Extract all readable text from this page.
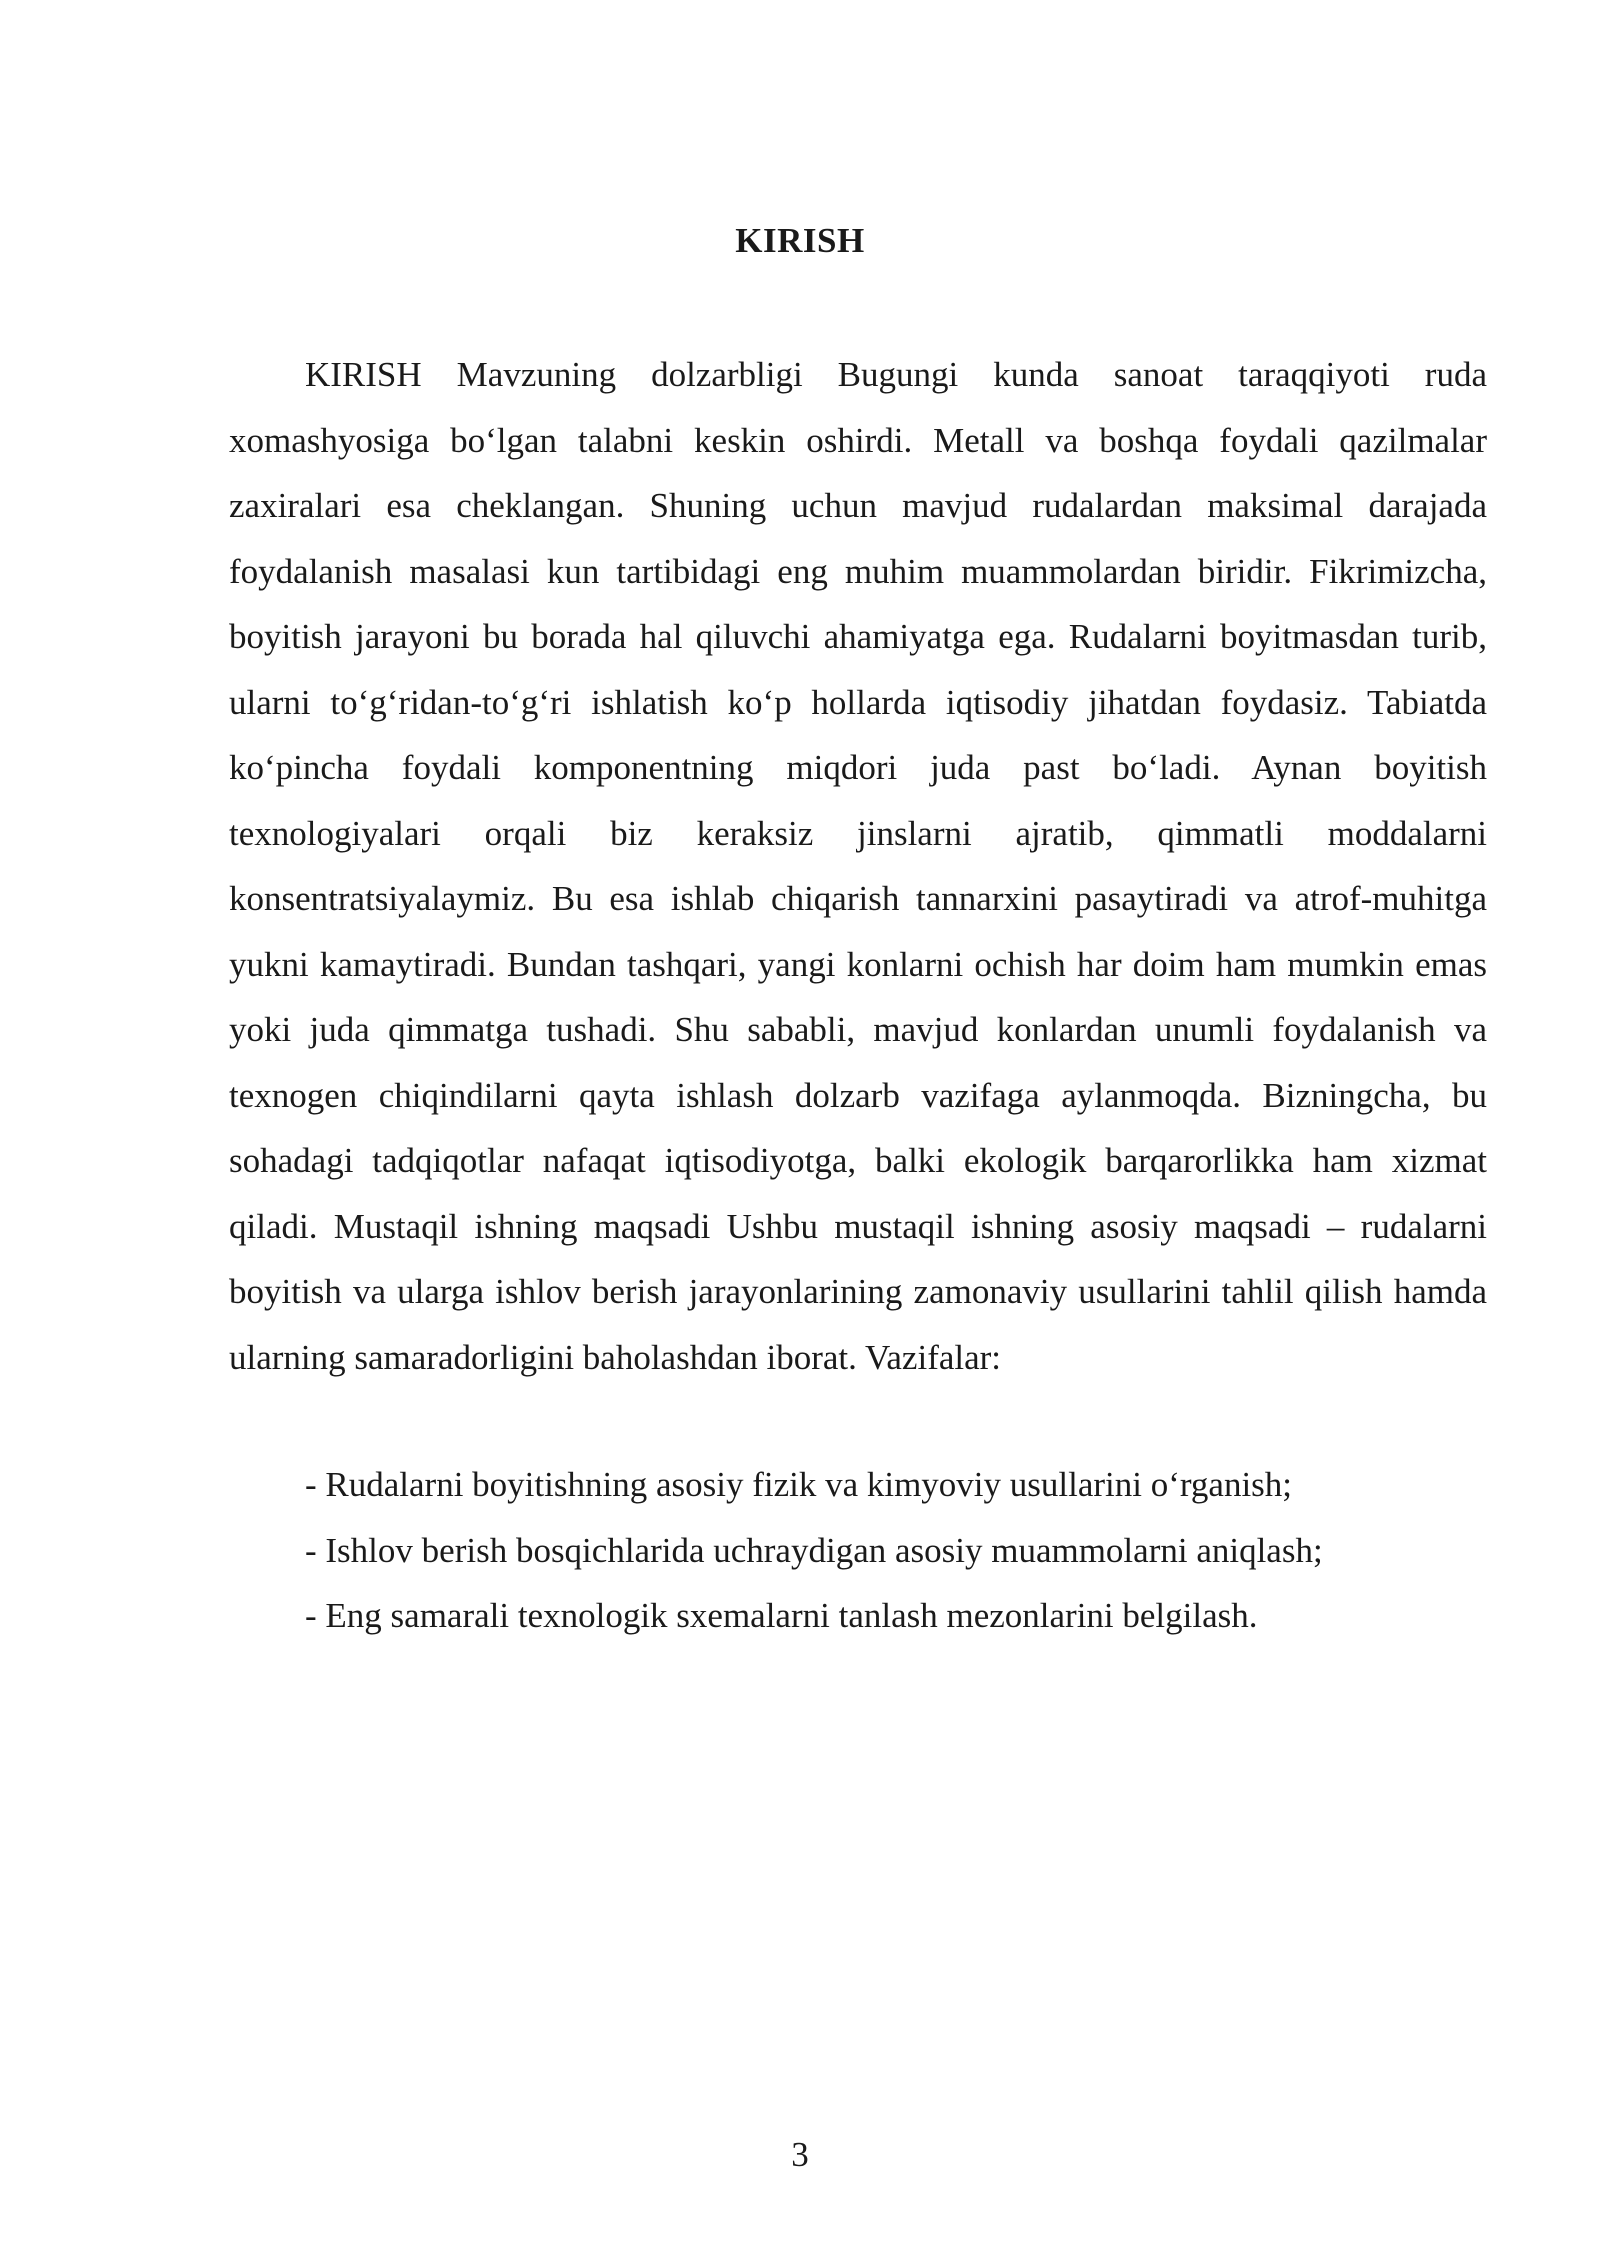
KIRISH

KIRISH Mavzuning dolzarbligi Bugungi kunda sanoat taraqqiyoti ruda xomashyosiga bo‘lgan talabni keskin oshirdi. Metall va boshqa foydali qazilmalar zaxiralari esa cheklangan. Shuning uchun mavjud rudalardan maksimal darajada foydalanish masalasi kun tartibidagi eng muhim muammolardan biridir. Fikrimizcha, boyitish jarayoni bu borada hal qiluvchi ahamiyatga ega. Rudalarni boyitmasdan turib, ularni to‘g‘ridan-to‘g‘ri ishlatish ko‘p hollarda iqtisodiy jihatdan foydasiz. Tabiatda ko‘pincha foydali komponentning miqdori juda past bo‘ladi. Aynan boyitish texnologiyalari orqali biz keraksiz jinslarni ajratib, qimmatli moddalarni konsentratsiyalaymiz. Bu esa ishlab chiqarish tannarxini pasaytiradi va atrof-muhitga yukni kamaytiradi. Bundan tashqari, yangi konlarni ochish har doim ham mumkin emas yoki juda qimmatga tushadi. Shu sababli, mavjud konlardan unumli foydalanish va texnogen chiqindilarni qayta ishlash dolzarb vazifaga aylanmoqda. Bizningcha, bu sohadagi tadqiqotlar nafaqat iqtisodiyotga, balki ekologik barqarorlikka ham xizmat qiladi. Mustaqil ishning maqsadi Ushbu mustaqil ishning asosiy maqsadi – rudalarni boyitish va ularga ishlov berish jarayonlarining zamonaviy usullarini tahlil qilish hamda ularning samaradorligini baholashdan iborat. Vazifalar:

- Rudalarni boyitishning asosiy fizik va kimyoviy usullarini o‘rganish;
- Ishlov berish bosqichlarida uchraydigan asosiy muammolarni aniqlash;
- Eng samarali texnologik sxemalarni tanlash mezonlarini belgilash.
3
